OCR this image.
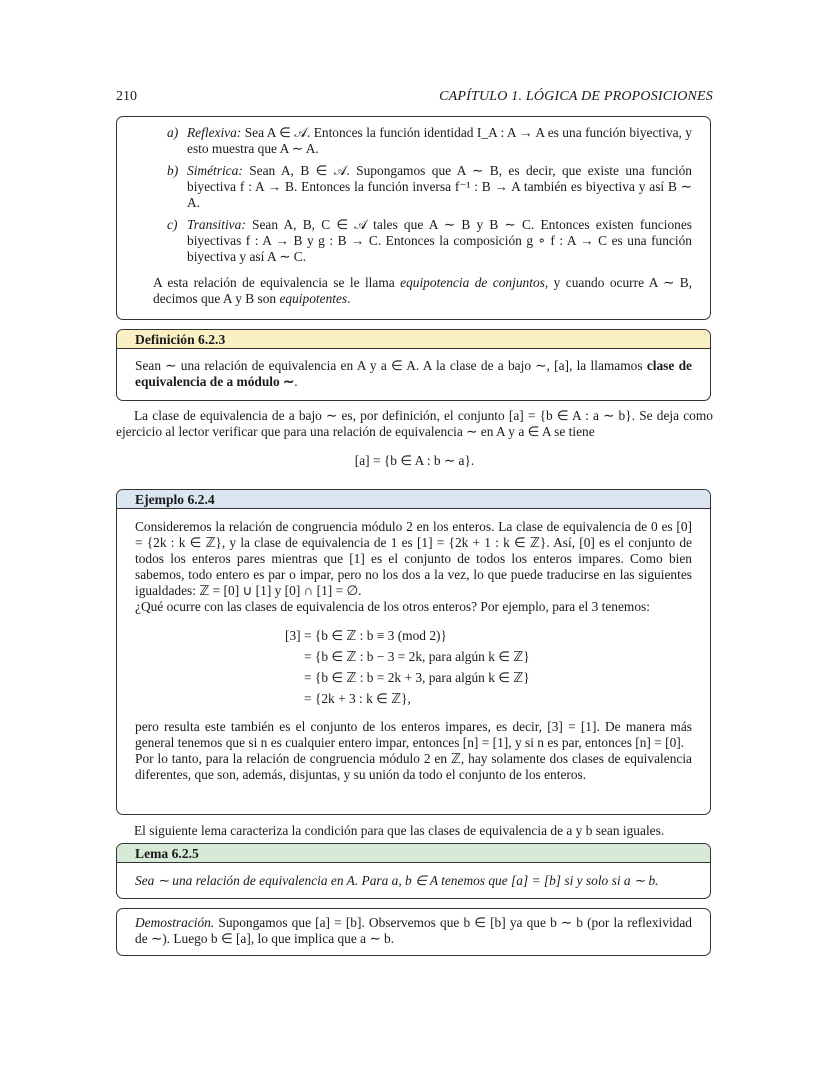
210	CAPÍTULO 1. LÓGICA DE PROPOSICIONES
a) Reflexiva: Sea A ∈ 𝒜. Entonces la función identidad I_A : A → A es una función biyectiva, y esto muestra que A ∼ A.
b) Simétrica: Sean A, B ∈ 𝒜. Supongamos que A ∼ B, es decir, que existe una función biyectiva f : A → B. Entonces la función inversa f⁻¹ : B → A también es biyectiva y así B ∼ A.
c) Transitiva: Sean A, B, C ∈ 𝒜 tales que A ∼ B y B ∼ C. Entonces existen funciones biyectivas f : A → B y g : B → C. Entonces la composición g ∘ f : A → C es una función biyectiva y así A ∼ C.
A esta relación de equivalencia se le llama equipotencia de conjuntos, y cuando ocurre A ∼ B, decimos que A y B son equipotentes.
Definición 6.2.3
Sean ∼ una relación de equivalencia en A y a ∈ A. A la clase de a bajo ∼, [a], la llamamos clase de equivalencia de a módulo ∼.
La clase de equivalencia de a bajo ∼ es, por definición, el conjunto [a] = {b ∈ A : a ∼ b}. Se deja como ejercicio al lector verificar que para una relación de equivalencia ∼ en A y a ∈ A se tiene
[a] = {b ∈ A : b ∼ a}.
Ejemplo 6.2.4
Consideremos la relación de congruencia módulo 2 en los enteros. La clase de equivalencia de 0 es [0] = {2k : k ∈ ℤ}, y la clase de equivalencia de 1 es [1] = {2k + 1 : k ∈ ℤ}. Así, [0] es el conjunto de todos los enteros pares mientras que [1] es el conjunto de todos los enteros impares. Como bien sabemos, todo entero es par o impar, pero no los dos a la vez, lo que puede traducirse en las siguientes igualdades: ℤ = [0] ∪ [1] y [0] ∩ [1] = ∅.
¿Qué ocurre con las clases de equivalencia de los otros enteros? Por ejemplo, para el 3 tenemos:
[3] = {b ∈ ℤ : b ≡ 3 (mod 2)}
= {b ∈ ℤ : b − 3 = 2k, para algún k ∈ ℤ}
= {b ∈ ℤ : b = 2k + 3, para algún k ∈ ℤ}
= {2k + 3 : k ∈ ℤ},
pero resulta este también es el conjunto de los enteros impares, es decir, [3] = [1]. De manera más general tenemos que si n es cualquier entero impar, entonces [n] = [1], y si n es par, entonces [n] = [0].
Por lo tanto, para la relación de congruencia módulo 2 en ℤ, hay solamente dos clases de equivalencia diferentes, que son, además, disjuntas, y su unión da todo el conjunto de los enteros.
El siguiente lema caracteriza la condición para que las clases de equivalencia de a y b sean iguales.
Lema 6.2.5
Sea ∼ una relación de equivalencia en A. Para a, b ∈ A tenemos que [a] = [b] si y solo si a ∼ b.
Demostración. Supongamos que [a] = [b]. Observemos que b ∈ [b] ya que b ∼ b (por la reflexividad de ∼). Luego b ∈ [a], lo que implica que a ∼ b.
